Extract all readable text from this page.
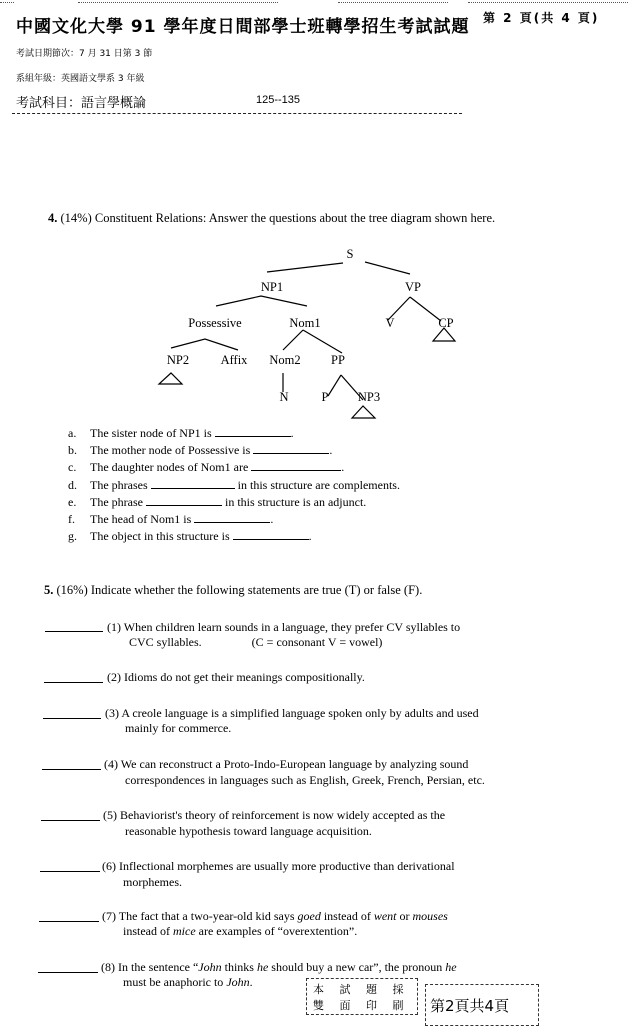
中國文化大學 91 學年度日間部學士班轉學招生考試試題 第 2 頁(共 4 頁)
考試日期節次：7 月 31 日第 3 節
系組年級：英國語文學系 3 年級
考試科目：語言學概論	125--135
4. (14%) Constituent Relations: Answer the questions about the tree diagram shown here.
S
NP1	VP
Possessive	Nom1	V	CP
NP2	Affix Nom2 PP
N	P NP3
a. The sister node of NP1 is	.
b. The mother node of Possessive is	.
c. The daughter nodes of Nom1 are	.
d. The phrases	in this structure are complements.
e. The phrase	in this structure is an adjunct.
f. The head of Nom1 is	.
g. The object in this structure is	.
5. (16%) Indicate whether the following statements are true (T) or false (F).
(1) When children learn sounds in a language, they prefer CV syllables to
CVC syllables.	(C = consonant V = vowel)
(2) Idioms do not get their meanings compositionally.
(3) A creole language is a simplified language spoken only by adults and used
mainly for commerce.
(4) We can reconstruct a Proto-Indo-European language by analyzing sound
correspondences in languages such as English, Greek, French, Persian, etc.
(5) Behaviorist's theory of reinforcement is now widely accepted as the
reasonable hypothesis toward language acquisition.
(6) Inflectional morphemes are usually more productive than derivational
morphemes.
(7) The fact that a two-year-old kid says goed instead of went or mouses
instead of mice are examples of “overextention”.
(8) In the sentence “John thinks he should buy a new car”, the pronoun he
must be anaphoric to John.
本 試 題 採
雙 面 印 刷 第2頁共4頁
